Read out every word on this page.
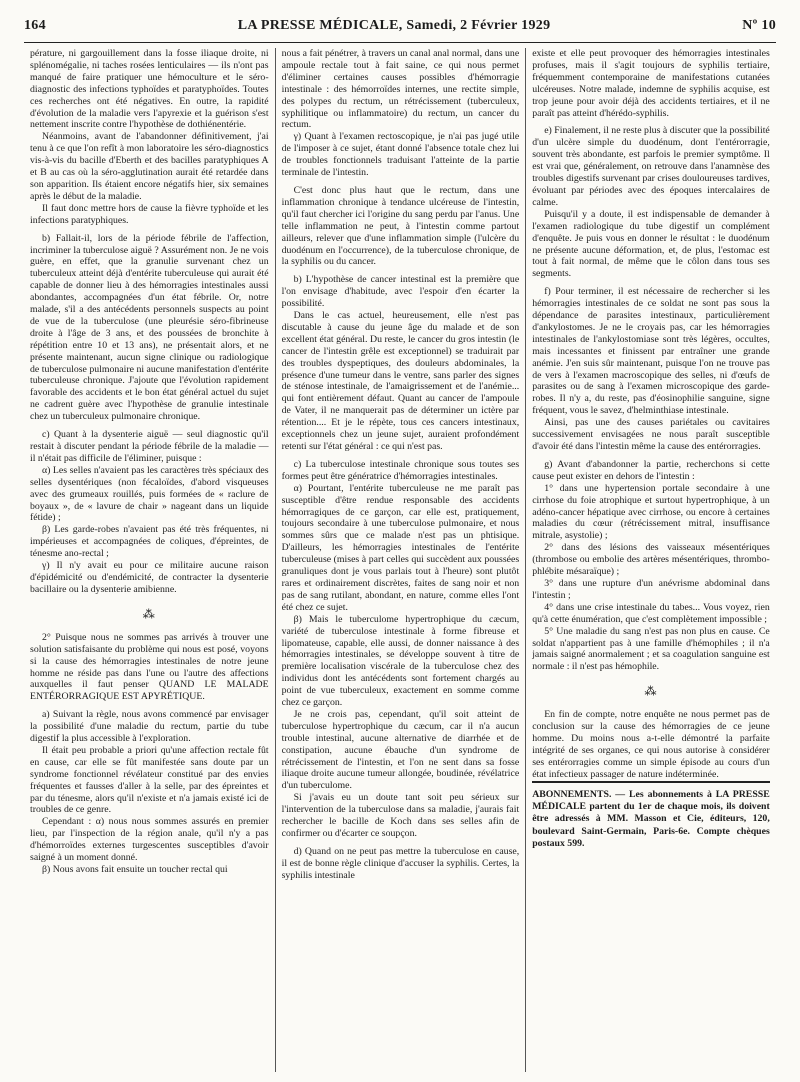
164	LA PRESSE MÉDICALE, Samedi, 2 Février 1929	Nº 10

pérature, ni gargouillement dans la fosse iliaque droite, ni splénomégalie, ni taches rosées lenticulaires — ils n'ont pas manqué de faire pratiquer une hémoculture et le séro-diagnostic des infections typhoïdes et paratyphoïdes. Toutes ces recherches ont été négatives. En outre, la rapidité d'évolution de la maladie vers l'apyrexie et la guérison s'est nettement inscrite contre l'hypothèse de dothiénentérie.

Néanmoins, avant de l'abandonner définitivement, j'ai tenu à ce que l'on refît à mon laboratoire les séro-diagnostics vis-à-vis du bacille d'Eberth et des bacilles paratyphiques A et B au cas où la séro-agglutination aurait été retardée dans son apparition. Ils étaient encore négatifs hier, six semaines après le début de la maladie.

Il faut donc mettre hors de cause la fièvre typhoïde et les infections paratyphiques.

b) Fallait-il, lors de la période fébrile de l'affection, incriminer la tuberculose aiguë ? Assurément non. Je ne vois guère, en effet, que la granulie survenant chez un tuberculeux atteint déjà d'entérite tuberculeuse qui aurait été capable de donner lieu à des hémorragies intestinales aussi abondantes, accompagnées d'un état fébrile. Or, notre malade, s'il a des antécédents personnels suspects au point de vue de la tuberculose (une pleurésie séro-fibrineuse droite à l'âge de 3 ans, et des poussées de bronchite à répétition entre 10 et 13 ans), ne présentait alors, et ne présente maintenant, aucun signe clinique ou radiologique de tuberculose pulmonaire ni aucune manifestation d'entérite tuberculeuse chronique. J'ajoute que l'évolution rapidement favorable des accidents et le bon état général actuel du sujet ne cadrent guère avec l'hypothèse de granulie intestinale chez un tuberculeux pulmonaire chronique.

c) Quant à la dysenterie aiguë — seul diagnostic qu'il restait à discuter pendant la période fébrile de la maladie — il n'était pas difficile de l'éliminer, puisque :

α) Les selles n'avaient pas les caractères très spéciaux des selles dysentériques (non fécaloïdes, d'abord visqueuses avec des grumeaux rouillés, puis formées de « raclure de boyaux », de « lavure de chair » nageant dans un liquide fétide) ;

β) Les garde-robes n'avaient pas été très fréquentes, ni impérieuses et accompagnées de coliques, d'épreintes, de ténesme ano-rectal ;

γ) Il n'y avait eu pour ce militaire aucune raison d'épidémicité ou d'endémicité, de contracter la dysenterie bacillaire ou la dysenterie amibienne.

⁂

2° Puisque nous ne sommes pas arrivés à trouver une solution satisfaisante du problème qui nous est posé, voyons si la cause des hémorragies intestinales de notre jeune homme ne réside pas dans l'une ou l'autre des affections auxquelles il faut penser QUAND LE MALADE ENTÉRORRAGIQUE EST APYRÉTIQUE.

a) Suivant la règle, nous avons commencé par envisager la possibilité d'une maladie du rectum, partie du tube digestif la plus accessible à l'exploration.

Il était peu probable a priori qu'une affection rectale fût en cause, car elle se fût manifestée sans doute par un syndrome fonctionnel révélateur constitué par des envies fréquentes et fausses d'aller à la selle, par des épreintes et par du ténesme, alors qu'il n'existe et n'a jamais existé ici de troubles de ce genre.

Cependant : α) nous nous sommes assurés en premier lieu, par l'inspection de la région anale, qu'il n'y a pas d'hémorroïdes externes turgescentes susceptibles d'avoir saigné à un moment donné.

β) Nous avons fait ensuite un toucher rectal qui

nous a fait pénétrer, à travers un canal anal normal, dans une ampoule rectale tout à fait saine, ce qui nous permet d'éliminer certaines causes possibles d'hémorragie intestinale : des hémorroïdes internes, une rectite simple, des polypes du rectum, un rétrécissement (tuberculeux, syphilitique ou inflammatoire) du rectum, un cancer du rectum.

γ) Quant à l'examen rectoscopique, je n'ai pas jugé utile de l'imposer à ce sujet, étant donné l'absence totale chez lui de troubles fonctionnels traduisant l'atteinte de la partie terminale de l'intestin.

C'est donc plus haut que le rectum, dans une inflammation chronique à tendance ulcéreuse de l'intestin, qu'il faut chercher ici l'origine du sang perdu par l'anus. Une telle inflammation ne peut, à l'intestin comme partout ailleurs, relever que d'une inflammation simple (l'ulcère du duodénum en l'occurrence), de la tuberculose chronique, de la syphilis ou du cancer.

b) L'hypothèse de cancer intestinal est la première que l'on envisage d'habitude, avec l'espoir d'en écarter la possibilité.

Dans le cas actuel, heureusement, elle n'est pas discutable à cause du jeune âge du malade et de son excellent état général. Du reste, le cancer du gros intestin (le cancer de l'intestin grêle est exceptionnel) se traduirait par des troubles dyspeptiques, des douleurs abdominales, la présence d'une tumeur dans le ventre, sans parler des signes de sténose intestinale, de l'amaigrissement et de l'anémie... qui font entièrement défaut. Quant au cancer de l'ampoule de Vater, il ne manquerait pas de déterminer un ictère par rétention.... Et je le répète, tous ces cancers intestinaux, exceptionnels chez un jeune sujet, auraient profondément retenti sur l'état général : ce qui n'est pas.

c) La tuberculose intestinale chronique sous toutes ses formes peut être génératrice d'hémorragies intestinales.

α) Pourtant, l'entérite tuberculeuse ne me paraît pas susceptible d'être rendue responsable des accidents hémorragiques de ce garçon, car elle est, pratiquement, toujours secondaire à une tuberculose pulmonaire, et nous sommes sûrs que ce malade n'est pas un phtisique. D'ailleurs, les hémorragies intestinales de l'entérite tuberculeuse (mises à part celles qui succèdent aux poussées granuliques dont je vous parlais tout à l'heure) sont plutôt rares et ordinairement discrètes, faites de sang noir et non pas de sang rutilant, abondant, en nature, comme elles l'ont été chez ce sujet.

β) Mais le tuberculome hypertrophique du cæcum, variété de tuberculose intestinale à forme fibreuse et lipomateuse, capable, elle aussi, de donner naissance à des hémorragies intestinales, se développe souvent à titre de première localisation viscérale de la tuberculose chez des individus dont les antécédents sont fortement chargés au point de vue tuberculeux, exactement en somme comme chez ce garçon.

Je ne crois pas, cependant, qu'il soit atteint de tuberculose hypertrophique du cæcum, car il n'a aucun trouble intestinal, aucune alternative de diarrhée et de constipation, aucune ébauche d'un syndrome de rétrécissement de l'intestin, et l'on ne sent dans sa fosse iliaque droite aucune tumeur allongée, boudinée, révélatrice d'un tuberculome.

Si j'avais eu un doute tant soit peu sérieux sur l'intervention de la tuberculose dans sa maladie, j'aurais fait rechercher le bacille de Koch dans ses selles afin de confirmer ou d'écarter ce soupçon.

d) Quand on ne peut pas mettre la tuberculose en cause, il est de bonne règle clinique d'accuser la syphilis. Certes, la syphilis intestinale

existe et elle peut provoquer des hémorragies intestinales profuses, mais il s'agit toujours de syphilis tertiaire, fréquemment contemporaine de manifestations cutanées ulcéreuses. Notre malade, indemne de syphilis acquise, est trop jeune pour avoir déjà des accidents tertiaires, et il ne paraît pas atteint d'hérédo-syphilis.

e) Finalement, il ne reste plus à discuter que la possibilité d'un ulcère simple du duodénum, dont l'entérorragie, souvent très abondante, est parfois le premier symptôme. Il est vrai que, généralement, on retrouve dans l'anamnèse des troubles digestifs survenant par crises douloureuses tardives, évoluant par périodes avec des époques intercalaires de calme.

Puisqu'il y a doute, il est indispensable de demander à l'examen radiologique du tube digestif un complément d'enquête. Je puis vous en donner le résultat : le duodénum ne présente aucune déformation, et, de plus, l'estomac est tout à fait normal, de même que le côlon dans tous ses segments.

f) Pour terminer, il est nécessaire de rechercher si les hémorragies intestinales de ce soldat ne sont pas sous la dépendance de parasites intestinaux, particulièrement d'ankylostomes. Je ne le croyais pas, car les hémorragies intestinales de l'ankylostomiase sont très légères, occultes, mais incessantes et finissent par entraîner une grande anémie. J'en suis sûr maintenant, puisque l'on ne trouve pas de vers à l'examen macroscopique des selles, ni d'œufs de parasites ou de sang à l'examen microscopique des garde-robes. Il n'y a, du reste, pas d'éosinophilie sanguine, signe fréquent, vous le savez, d'helminthiase intestinale.

Ainsi, pas une des causes pariétales ou cavitaires successivement envisagées ne nous paraît susceptible d'avoir été dans l'intestin même la cause des entérorragies.

g) Avant d'abandonner la partie, recherchons si cette cause peut exister en dehors de l'intestin :

1° dans une hypertension portale secondaire à une cirrhose du foie atrophique et surtout hypertrophique, à un adéno-cancer hépatique avec cirrhose, ou encore à certaines maladies du cœur (rétrécissement mitral, insuffisance mitrale, asystolie) ;

2° dans des lésions des vaisseaux mésentériques (thrombose ou embolie des artères mésentériques, thrombo-phlébite mésaraïque) ;

3° dans une rupture d'un anévrisme abdominal dans l'intestin ;

4° dans une crise intestinale du tabes... Vous voyez, rien qu'à cette énumération, que c'est complètement impossible ;

5° Une maladie du sang n'est pas non plus en cause. Ce soldat n'appartient pas à une famille d'hémophiles ; il n'a jamais saigné anormalement ; et sa coagulation sanguine est normale : il n'est pas hémophile.

⁂

En fin de compte, notre enquête ne nous permet pas de conclusion sur la cause des hémorragies de ce jeune homme. Du moins nous a-t-elle démontré la parfaite intégrité de ses organes, ce qui nous autorise à considérer ses entérorragies comme un simple épisode au cours d'un état infectieux passager de nature indéterminée.

ABONNEMENTS. — Les abonnements à LA PRESSE MÉDICALE partent du 1er de chaque mois, ils doivent être adressés à MM. Masson et Cie, éditeurs, 120, boulevard Saint-Germain, Paris-6e. Compte chèques postaux 599.
